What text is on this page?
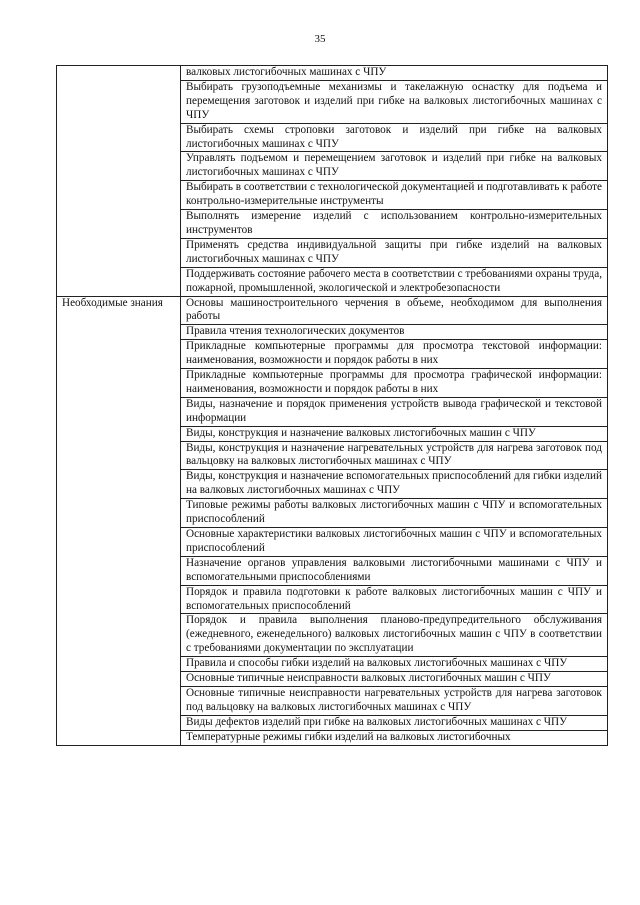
35
	валковых листогибочных машинах с ЧПУ
	Выбирать грузоподъемные механизмы и такелажную оснастку для подъема и перемещения заготовок и изделий при гибке на валковых листогибочных машинах с ЧПУ
	Выбирать схемы строповки заготовок и изделий при гибке на валковых листогибочных машинах с ЧПУ
	Управлять подъемом и перемещением заготовок и изделий при гибке на валковых листогибочных машинах с ЧПУ
	Выбирать в соответствии с технологической документацией и подготавливать к работе контрольно-измерительные инструменты
	Выполнять измерение изделий с использованием контрольно-измерительных инструментов
	Применять средства индивидуальной защиты при гибке изделий на валковых листогибочных машинах с ЧПУ
	Поддерживать состояние рабочего места в соответствии с требованиями охраны труда, пожарной, промышленной, экологической и электробезопасности
Необходимые знания	Основы машиностроительного черчения в объеме, необходимом для выполнения работы
	Правила чтения технологических документов
	Прикладные компьютерные программы для просмотра текстовой информации: наименования, возможности и порядок работы в них
	Прикладные компьютерные программы для просмотра графической информации: наименования, возможности и порядок работы в них
	Виды, назначение и порядок применения устройств вывода графической и текстовой информации
	Виды, конструкция и назначение валковых листогибочных машин с ЧПУ
	Виды, конструкция и назначение нагревательных устройств для нагрева заготовок под вальцовку на валковых листогибочных машинах с ЧПУ
	Виды, конструкция и назначение вспомогательных приспособлений для гибки изделий на валковых листогибочных машинах с ЧПУ
	Типовые режимы работы валковых листогибочных машин с ЧПУ и вспомогательных приспособлений
	Основные характеристики валковых листогибочных машин с ЧПУ и вспомогательных приспособлений
	Назначение органов управления валковыми листогибочными машинами с ЧПУ и вспомогательными приспособлениями
	Порядок и правила подготовки к работе валковых листогибочных машин с ЧПУ и вспомогательных приспособлений
	Порядок и правила выполнения планово-предупредительного обслуживания (ежедневного, еженедельного) валковых листогибочных машин с ЧПУ в соответствии с требованиями документации по эксплуатации
	Правила и способы гибки изделий на валковых листогибочных машинах с ЧПУ
	Основные типичные неисправности валковых листогибочных машин с ЧПУ
	Основные типичные неисправности нагревательных устройств для нагрева заготовок под вальцовку на валковых листогибочных машинах с ЧПУ
	Виды дефектов изделий при гибке на валковых листогибочных машинах с ЧПУ
	Температурные режимы гибки изделий на валковых листогибочных
